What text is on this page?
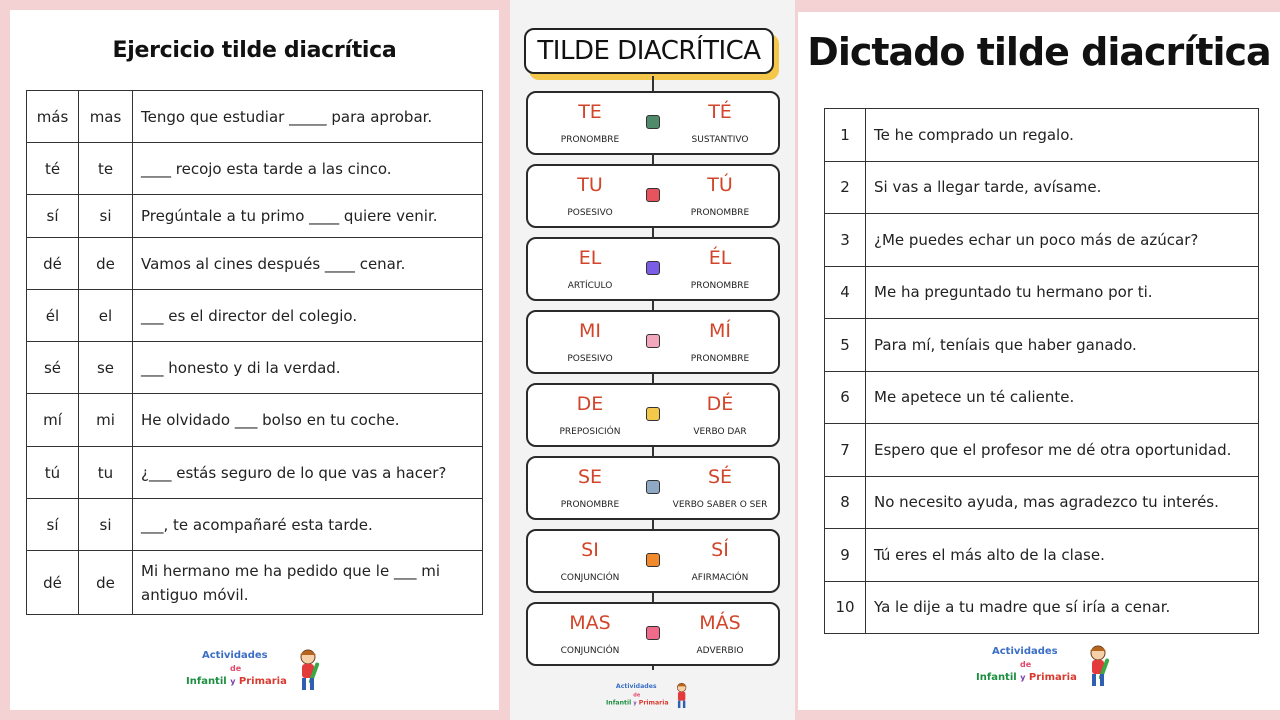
Ejercicio tilde diacrítica
más	mas	Tengo que estudiar _____ para aprobar.
té	te	____ recojo esta tarde a las cinco.
sí	si	Pregúntale a tu primo ____ quiere venir.
dé	de	Vamos al cines después ____ cenar.
él	el	___ es el director del colegio.
sé	se	___ honesto y di la verdad.
mí	mi	He olvidado ___ bolso en tu coche.
tú	tu	¿___ estás seguro de lo que vas a hacer?
sí	si	___, te acompañaré esta tarde.
dé	de	Mi hermano me ha pedido que le ___ mi antiguo móvil.
Actividades
de
Infantil y Primaria
TILDE DIACRÍTICA
TE
PRONOMBRE
TÉ
SUSTANTIVO
TU
POSESIVO
TÚ
PRONOMBRE
EL
ARTÍCULO
ÉL
PRONOMBRE
MI
POSESIVO
MÍ
PRONOMBRE
DE
PREPOSICIÓN
DÉ
VERBO DAR
SE
PRONOMBRE
SÉ
VERBO SABER O SER
SI
CONJUNCIÓN
SÍ
AFIRMACIÓN
MAS
CONJUNCIÓN
MÁS
ADVERBIO
Actividades
de
Infantil y Primaria
Dictado tilde diacrítica
1	Te he comprado un regalo.
2	Si vas a llegar tarde, avísame.
3	¿Me puedes echar un poco más de azúcar?
4	Me ha preguntado tu hermano por ti.
5	Para mí, teníais que haber ganado.
6	Me apetece un té caliente.
7	Espero que el profesor me dé otra oportunidad.
8	No necesito ayuda, mas agradezco tu interés.
9	Tú eres el más alto de la clase.
10	Ya le dije a tu madre que sí iría a cenar.
Actividades
de
Infantil y Primaria
